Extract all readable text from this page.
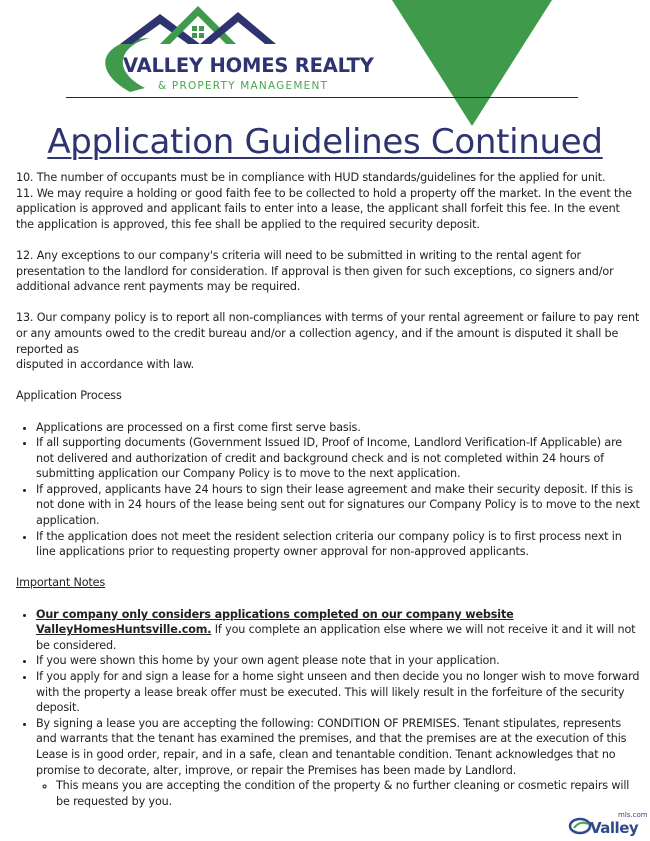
VALLEY HOMES REALTY
& PROPERTY MANAGEMENT
Application Guidelines Continued

10. The number of occupants must be in compliance with HUD standards/guidelines for the applied for unit.

11. We may require a holding or good faith fee to be collected to hold a property off the market. In the event the application is approved and applicant fails to enter into a lease, the applicant shall forfeit this fee. In the event the application is approved, this fee shall be applied to the required security deposit.

12. Any exceptions to our company's criteria will need to be submitted in writing to the rental agent for presentation to the landlord for consideration. If approval is then given for such exceptions, co signers and/or additional advance rent payments may be required.

13. Our company policy is to report all non-compliances with terms of your rental agreement or failure to pay rent or any amounts owed to the credit bureau and/or a collection agency, and if the amount is disputed it shall be reported as

disputed in accordance with law.

Application Process

• Applications are processed on a first come first serve basis.
• If all supporting documents (Government Issued ID, Proof of Income, Landlord Verification-If Applicable) are not delivered and authorization of credit and background check and is not completed within 24 hours of submitting application our Company Policy is to move to the next application.
• If approved, applicants have 24 hours to sign their lease agreement and make their security deposit. If this is not done with in 24 hours of the lease being sent out for signatures our Company Policy is to move to the next application.
• If the application does not meet the resident selection criteria our company policy is to first process next in line applications prior to requesting property owner approval for non-approved applicants.

Important Notes

• Our company only considers applications completed on our company website ValleyHomesHuntsville.com. If you complete an application else where we will not receive it and it will not be considered.
• If you were shown this home by your own agent please note that in your application.
• If you apply for and sign a lease for a home sight unseen and then decide you no longer wish to move forward with the property a lease break offer must be executed. This will likely result in the forfeiture of the security deposit.
• By signing a lease you are accepting the following: CONDITION OF PREMISES. Tenant stipulates, represents and warrants that the tenant has examined the premises, and that the premises are at the execution of this Lease is in good order, repair, and in a safe, clean and tenantable condition. Tenant acknowledges that no promise to decorate, alter, improve, or repair the Premises has been made by Landlord.
◦ This means you are accepting the condition of the property & no further cleaning or cosmetic repairs will be requested by you.
mls.com
Valley
